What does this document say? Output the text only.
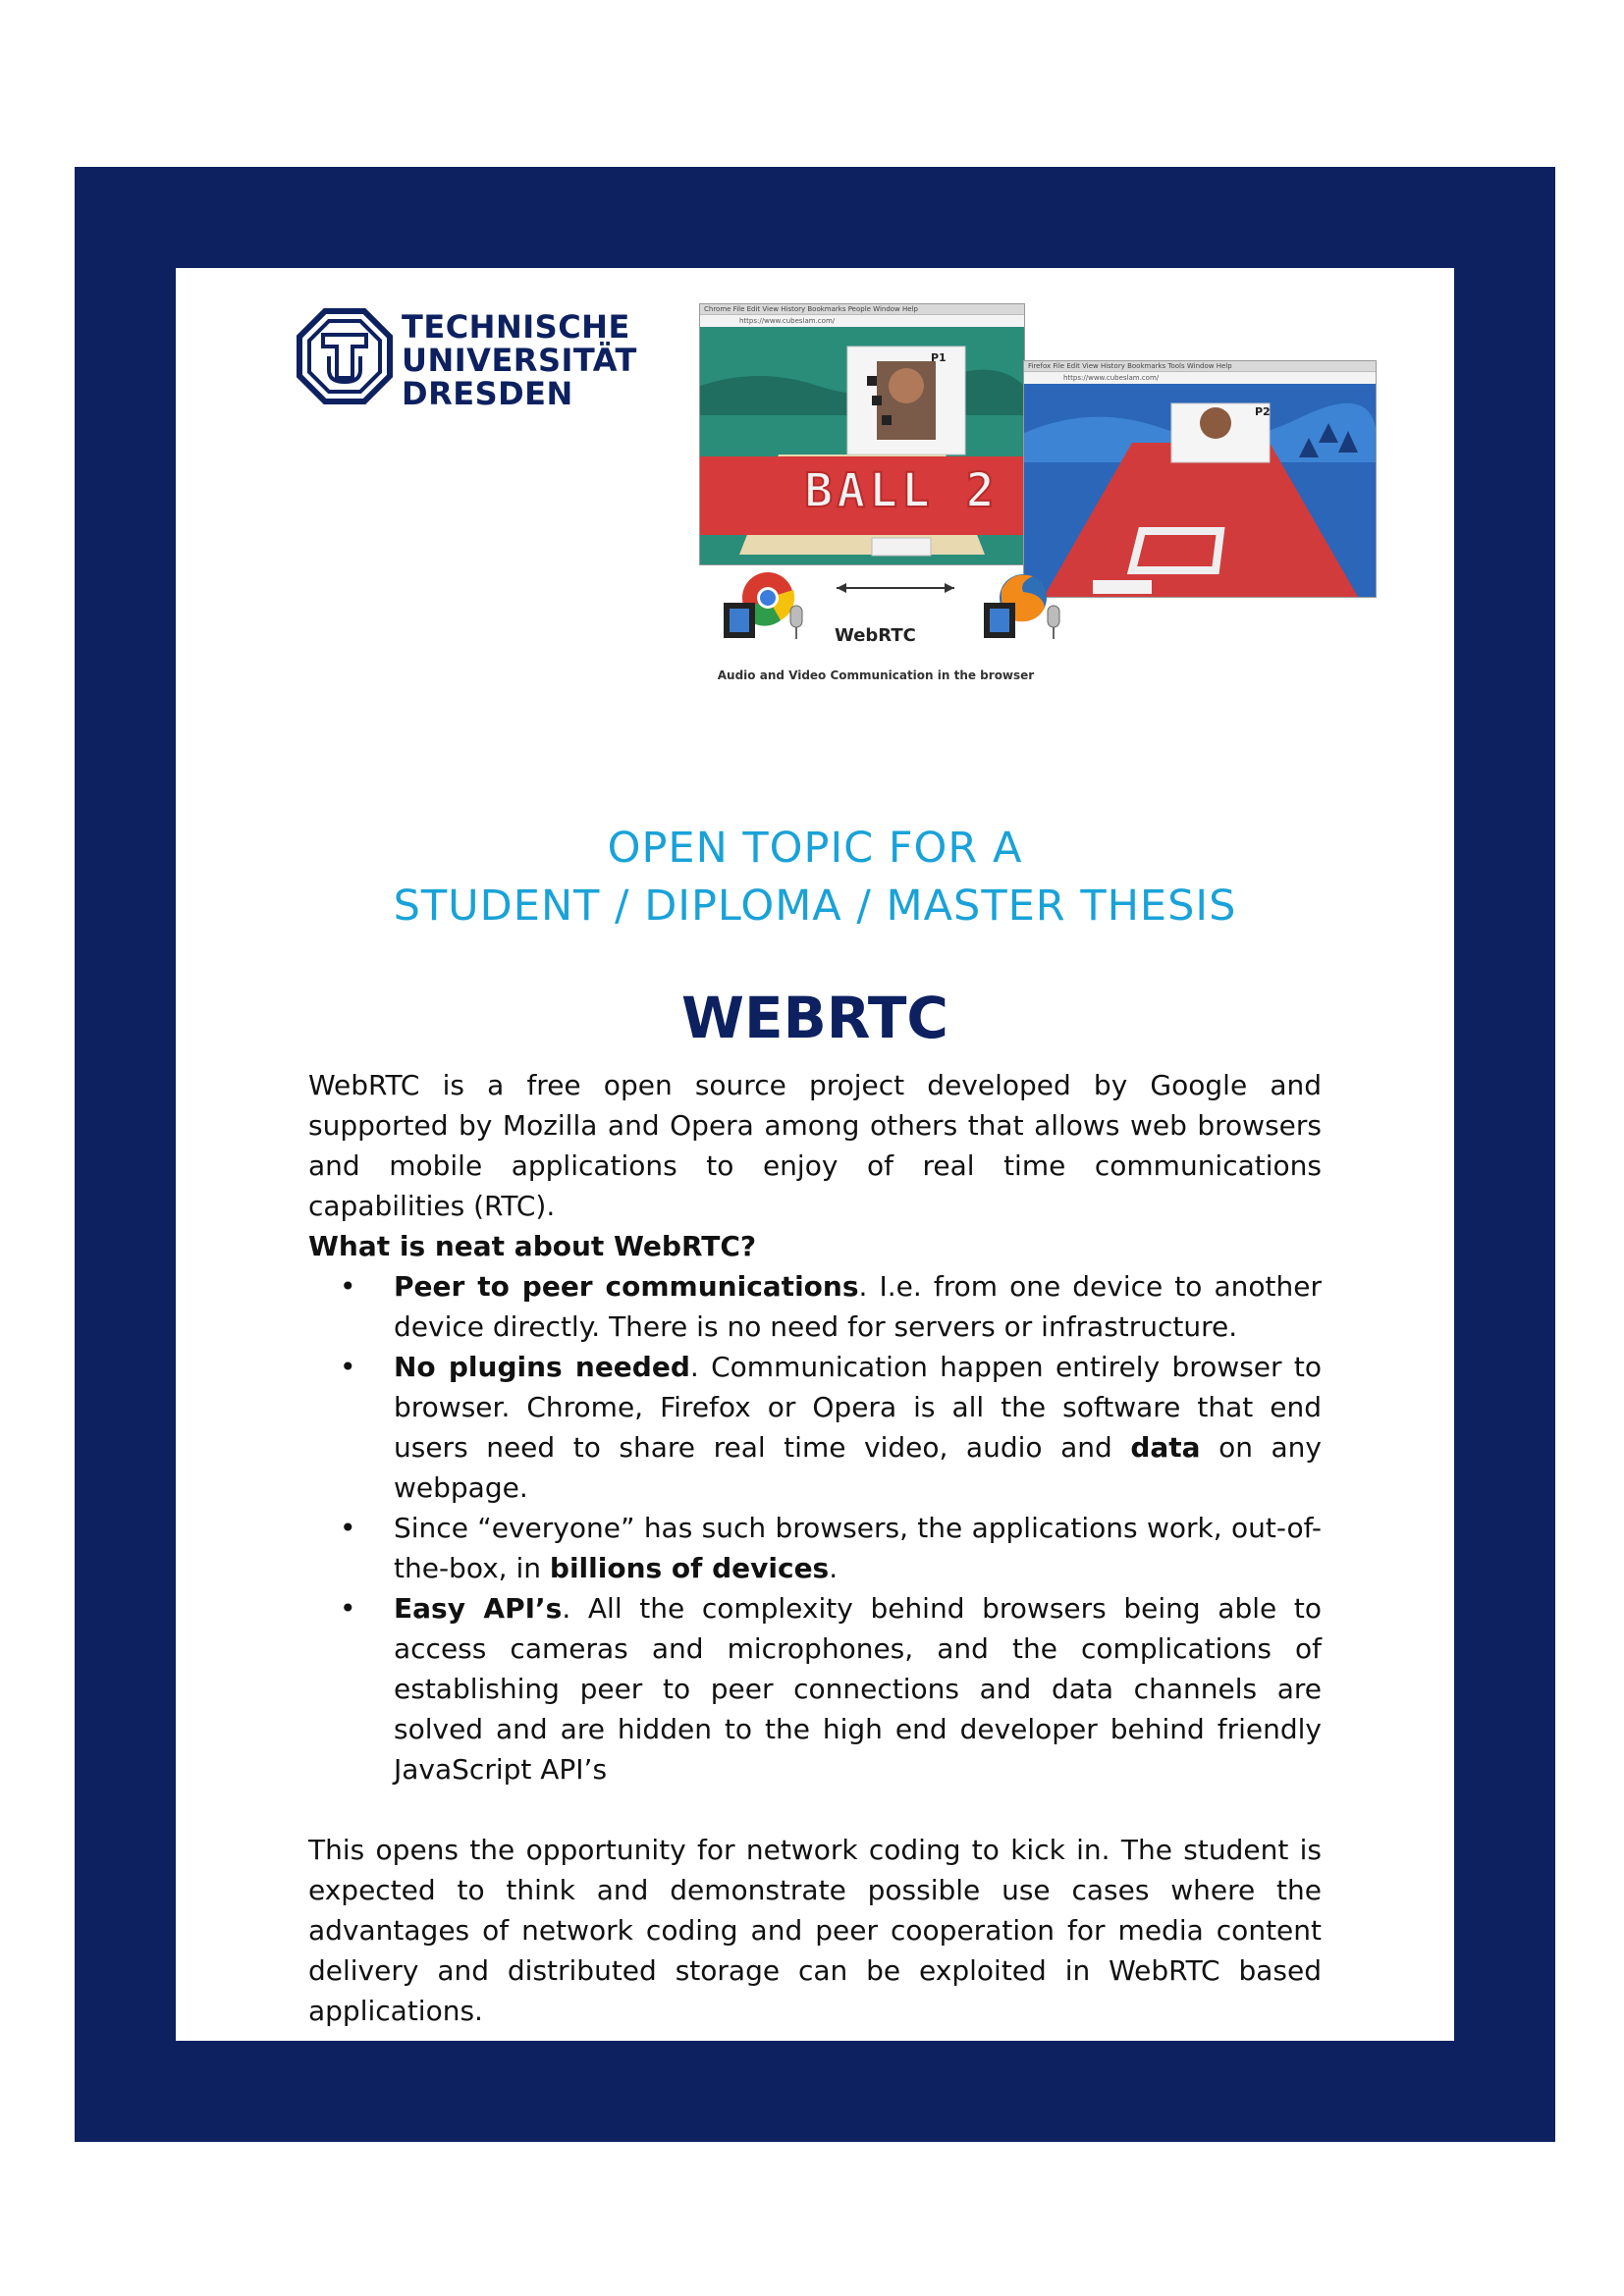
TECHNISCHE
UNIVERSITÄT
DRESDEN
Chrome File Edit View History Bookmarks People Window Help
https://www.cubeslam.com/
BALL 2
P1
Firefox File Edit View History Bookmarks Tools Window Help
https://www.cubeslam.com/
P2
WebRTC
Audio and Video Communication in the browser
OPEN TOPIC FOR A
STUDENT / DIPLOMA / MASTER THESIS
WEBRTC

WebRTC is a free open source project developed by Google and supported by Mozilla and Opera among others that allows web browsers and mobile applications to enjoy of real time communications capabilities (RTC).

What is neat about WebRTC?

• Peer to peer communications. I.e. from one device to another device directly. There is no need for servers or infrastructure.
• No plugins needed. Communication happen entirely browser to browser. Chrome, Firefox or Opera is all the software that end users need to share real time video, audio and data on any webpage.
• Since “everyone” has such browsers, the applications work, out-of-the-box, in billions of devices.
• Easy API’s. All the complexity behind browsers being able to access cameras and microphones, and the complications of establishing peer to peer connections and data channels are solved and are hidden to the high end developer behind friendly JavaScript API’s

This opens the opportunity for network coding to kick in. The student is expected to think and demonstrate possible use cases where the advantages of network coding and peer cooperation for media content delivery and distributed storage can be exploited in WebRTC based applications.
